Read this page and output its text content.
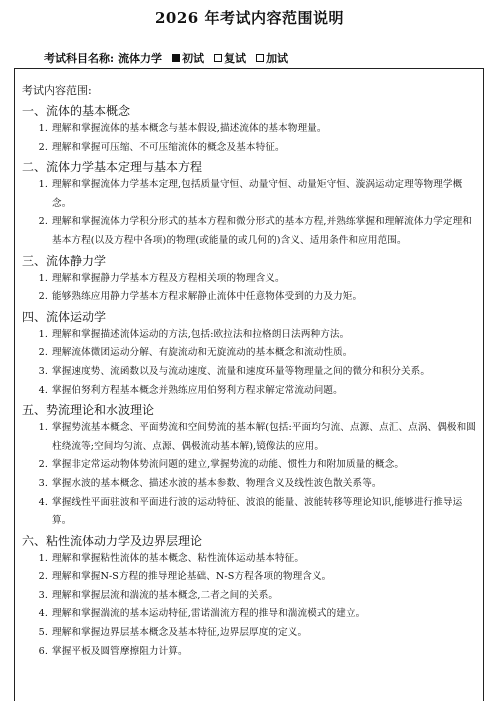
2026 年考试内容范围说明
考试科目名称: 流体力学 初试 复试 加试
考试内容范围:
一、流体的基本概念
1. 理解和掌握流体的基本概念与基本假设,描述流体的基本物理量。
2. 理解和掌握可压缩、不可压缩流体的概念及基本特征。
二、流体力学基本定理与基本方程
1. 理解和掌握流体力学基本定理,包括质量守恒、动量守恒、动量矩守恒、漩涡运动定理等物理学概念。
2. 理解和掌握流体力学积分形式的基本方程和微分形式的基本方程,并熟练掌握和理解流体力学定理和基本方程(以及方程中各项)的物理(或能量的或几何的)含义、适用条件和应用范围。
三、流体静力学
1. 理解和掌握静力学基本方程及方程相关项的物理含义。
2. 能够熟练应用静力学基本方程求解静止流体中任意物体受到的力及力矩。
四、流体运动学
1. 理解和掌握描述流体运动的方法,包括:欧拉法和拉格朗日法两种方法。
2. 理解流体微团运动分解、有旋流动和无旋流动的基本概念和流动性质。
3. 掌握速度势、流函数以及与流动速度、流量和速度环量等物理量之间的微分和积分关系。
4. 掌握伯努利方程基本概念并熟练应用伯努利方程求解定常流动问题。
五、势流理论和水波理论
1. 掌握势流基本概念、平面势流和空间势流的基本解(包括:平面均匀流、点源、点汇、点涡、偶极和圆柱绕流等;空间均匀流、点源、偶极流动基本解),镜像法的应用。
2. 掌握非定常运动物体势流问题的建立,掌握势流的动能、惯性力和附加质量的概念。
3. 掌握水波的基本概念、描述水波的基本参数、物理含义及线性波色散关系等。
4. 掌握线性平面驻波和平面进行波的运动特征、波浪的能量、波能转移等理论知识,能够进行推导运算。
六、粘性流体动力学及边界层理论
1. 理解和掌握粘性流体的基本概念、粘性流体运动基本特征。
2. 理解和掌握N-S方程的推导理论基础、N-S方程各项的物理含义。
3. 理解和掌握层流和湍流的基本概念,二者之间的关系。
4. 理解和掌握湍流的基本运动特征,雷诺湍流方程的推导和湍流模式的建立。
5. 理解和掌握边界层基本概念及基本特征,边界层厚度的定义。
6. 掌握平板及圆管摩擦阻力计算。
